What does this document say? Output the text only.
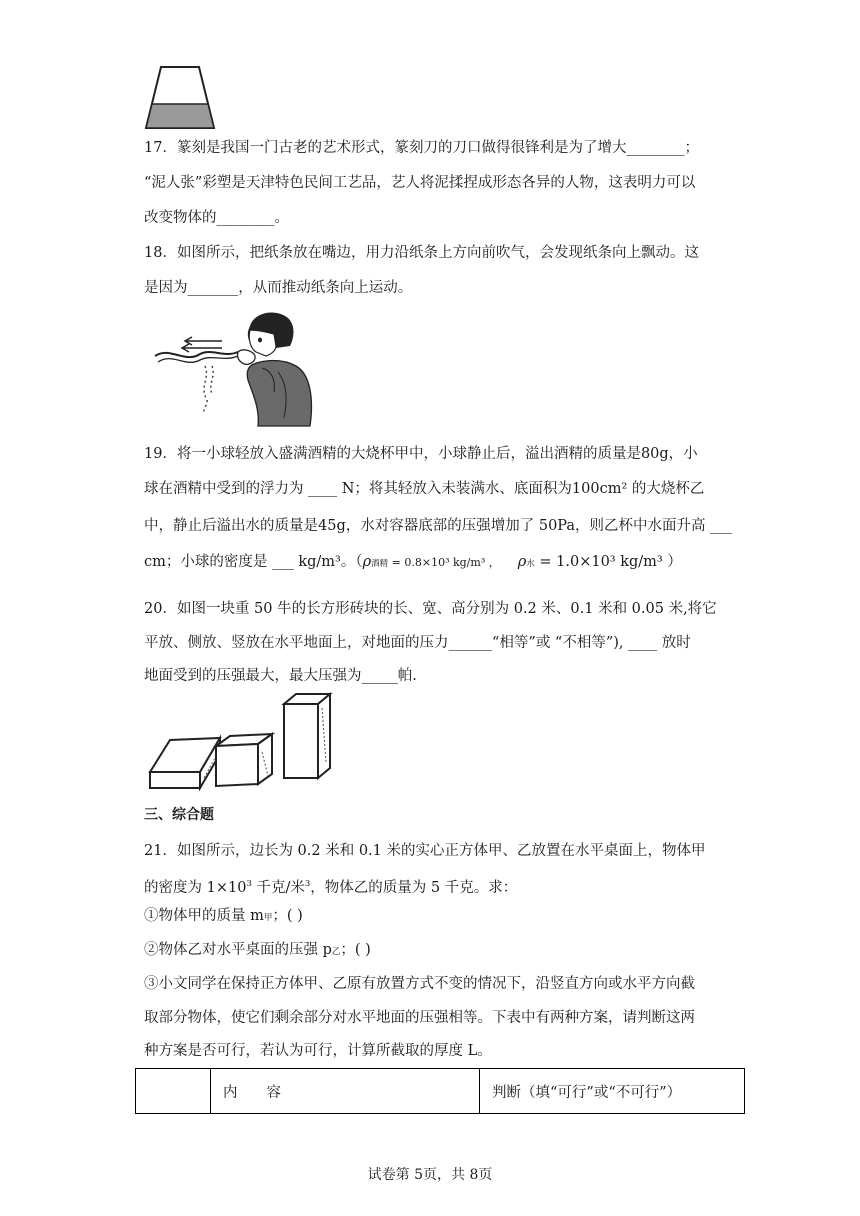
17．篆刻是我国一门古老的艺术形式，篆刻刀的刀口做得很锋利是为了增大________；
“泥人张”彩塑是天津特色民间工艺品，艺人将泥揉捏成形态各异的人物，这表明力可以
改变物体的________。
18．如图所示，把纸条放在嘴边，用力沿纸条上方向前吹气，会发现纸条向上飘动。这
是因为_______，从而推动纸条向上运动。
19．将一小球轻放入盛满酒精的大烧杯甲中，小球静止后，溢出酒精的质量是80g，小
球在酒精中受到的浮力为 ____ N；将其轻放入未装满水、底面积为100cm² 的大烧杯乙
中，静止后溢出水的质量是45g，水对容器底部的压强增加了 50Pa，则乙杯中水面升高 ___
cm；小球的密度是 ___ kg/m³。（ρ酒精 = 0.8×10³ kg/m³ ， ρ水 = 1.0×10³ kg/m³ ）
20．如图一块重 50 牛的长方形砖块的长、宽、高分别为 0.2 米、0.1 米和 0.05 米,将它
平放、侧放、竖放在水平地面上，对地面的压力______“相等”或 “不相等”), ____ 放时
地面受到的压强最大，最大压强为_____帕.
三、综合题
21．如图所示，边长为 0.2 米和 0.1 米的实心正方体甲、乙放置在水平桌面上，物体甲
的密度为 $1\times 10^3$ 千克/米$^3$，物体乙的质量为 5 千克。求：
①物体甲的质量 m甲；( )
②物体乙对水平桌面的压强 p乙；( )
③小文同学在保持正方体甲、乙原有放置方式不变的情况下，沿竖直方向或水平方向截
取部分物体，使它们剩余部分对水平地面的压强相等。下表中有两种方案，请判断这两
种方案是否可行，若认为可行，计算所截取的厚度 L。
	内　　容	判断（填“可行”或“不可行”）
试卷第 5页，共 8页
